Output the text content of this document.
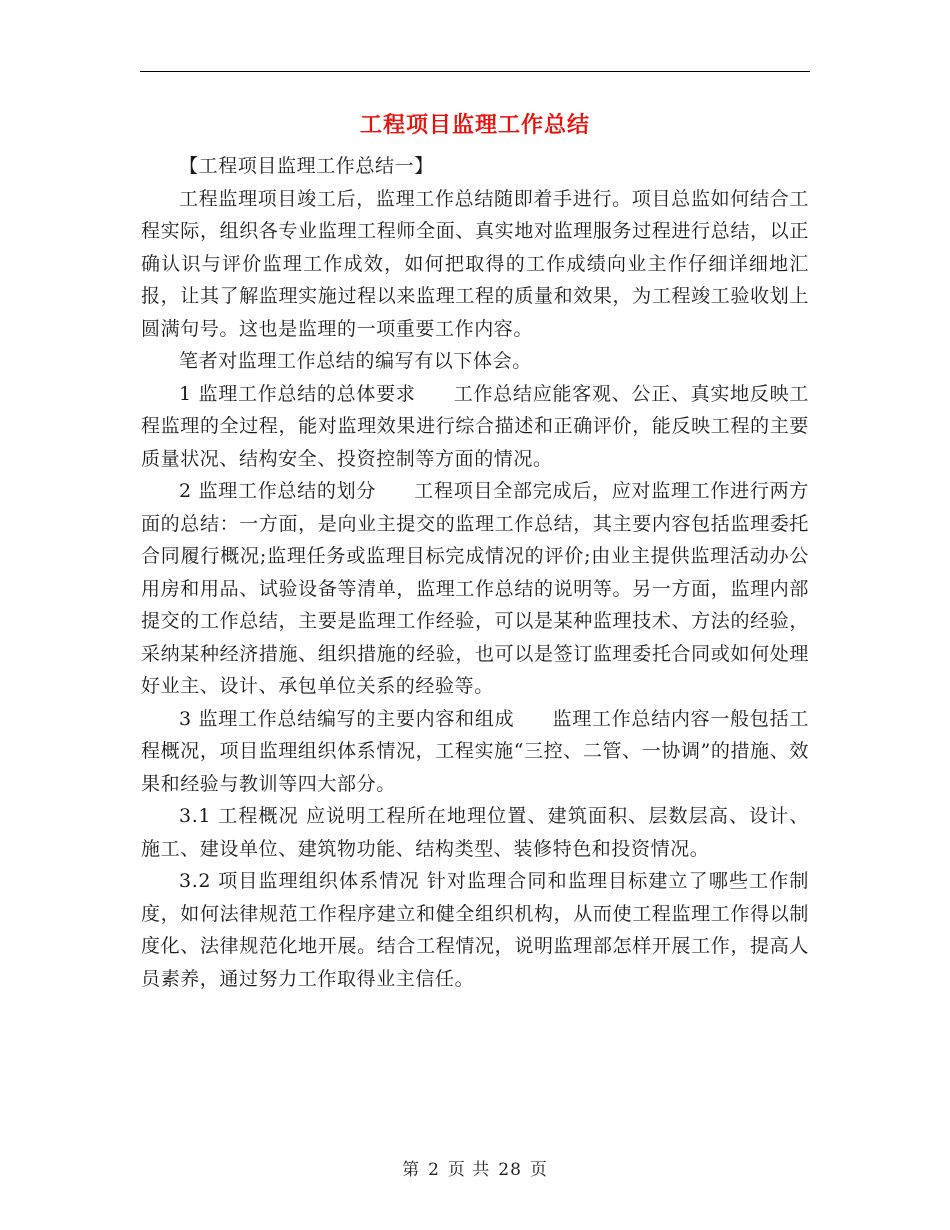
工程项目监理工作总结

【工程项目监理工作总结一】

工程监理项目竣工后，监理工作总结随即着手进行。项目总监如何结合工程实际，组织各专业监理工程师全面、真实地对监理服务过程进行总结，以正确认识与评价监理工作成效，如何把取得的工作成绩向业主作仔细详细地汇报，让其了解监理实施过程以来监理工程的质量和效果，为工程竣工验收划上圆满句号。这也是监理的一项重要工作内容。

笔者对监理工作总结的编写有以下体会。

1 监理工作总结的总体要求 工作总结应能客观、公正、真实地反映工程监理的全过程，能对监理效果进行综合描述和正确评价，能反映工程的主要质量状况、结构安全、投资控制等方面的情况。

2 监理工作总结的划分 工程项目全部完成后，应对监理工作进行两方面的总结：一方面，是向业主提交的监理工作总结，其主要内容包括监理委托合同履行概况;监理任务或监理目标完成情况的评价;由业主提供监理活动办公用房和用品、试验设备等清单，监理工作总结的说明等。另一方面，监理内部提交的工作总结，主要是监理工作经验，可以是某种监理技术、方法的经验，采纳某种经济措施、组织措施的经验，也可以是签订监理委托合同或如何处理好业主、设计、承包单位关系的经验等。

3 监理工作总结编写的主要内容和组成 监理工作总结内容一般包括工程概况，项目监理组织体系情况，工程实施“三控、二管、一协调”的措施、效果和经验与教训等四大部分。

3.1 工程概况 应说明工程所在地理位置、建筑面积、层数层高、设计、施工、建设单位、建筑物功能、结构类型、装修特色和投资情况。

3.2 项目监理组织体系情况 针对监理合同和监理目标建立了哪些工作制度，如何法律规范工作程序建立和健全组织机构，从而使工程监理工作得以制度化、法律规范化地开展。结合工程情况，说明监理部怎样开展工作，提高人员素养，通过努力工作取得业主信任。

第 2 页 共 28 页
